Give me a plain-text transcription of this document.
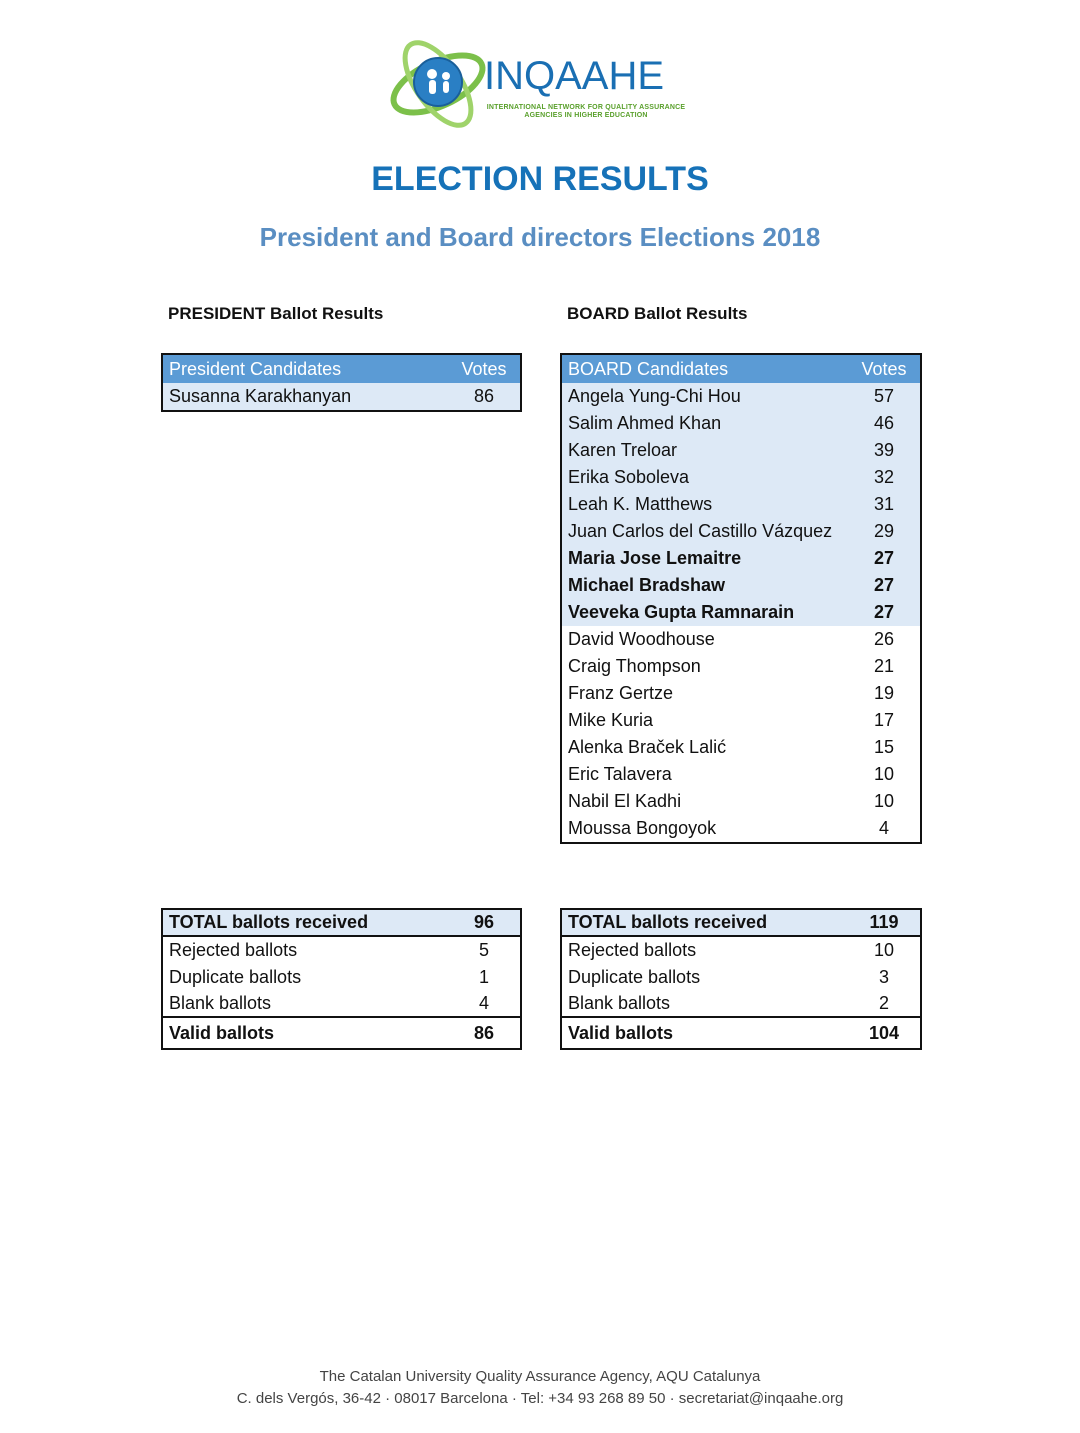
INQAAHE
INTERNATIONAL NETWORK FOR QUALITY ASSURANCE AGENCIES IN HIGHER EDUCATION
ELECTION RESULTS
President and Board directors Elections 2018
PRESIDENT Ballot Results	BOARD Ballot Results
President Candidates	Votes
Susanna Karakhanyan	86
BOARD Candidates	Votes
Angela Yung-Chi Hou	57
Salim Ahmed Khan	46
Karen Treloar	39
Erika Soboleva	32
Leah K. Matthews	31
Juan Carlos del Castillo Vázquez	29
Maria Jose Lemaitre	27
Michael Bradshaw	27
Veeveka Gupta Ramnarain	27
David Woodhouse	26
Craig Thompson	21
Franz Gertze	19
Mike Kuria	17
Alenka Braček Lalić	15
Eric Talavera	10
Nabil El Kadhi	10
Moussa Bongoyok	4
TOTAL ballots received	96
Rejected ballots	5
Duplicate ballots	1
Blank ballots	4
Valid ballots	86
TOTAL ballots received	119
Rejected ballots	10
Duplicate ballots	3
Blank ballots	2
Valid ballots	104
The Catalan University Quality Assurance Agency, AQU Catalunya
C. dels Vergós, 36-42 · 08017 Barcelona · Tel: +34 93 268 89 50 · secretariat@inqaahe.org
